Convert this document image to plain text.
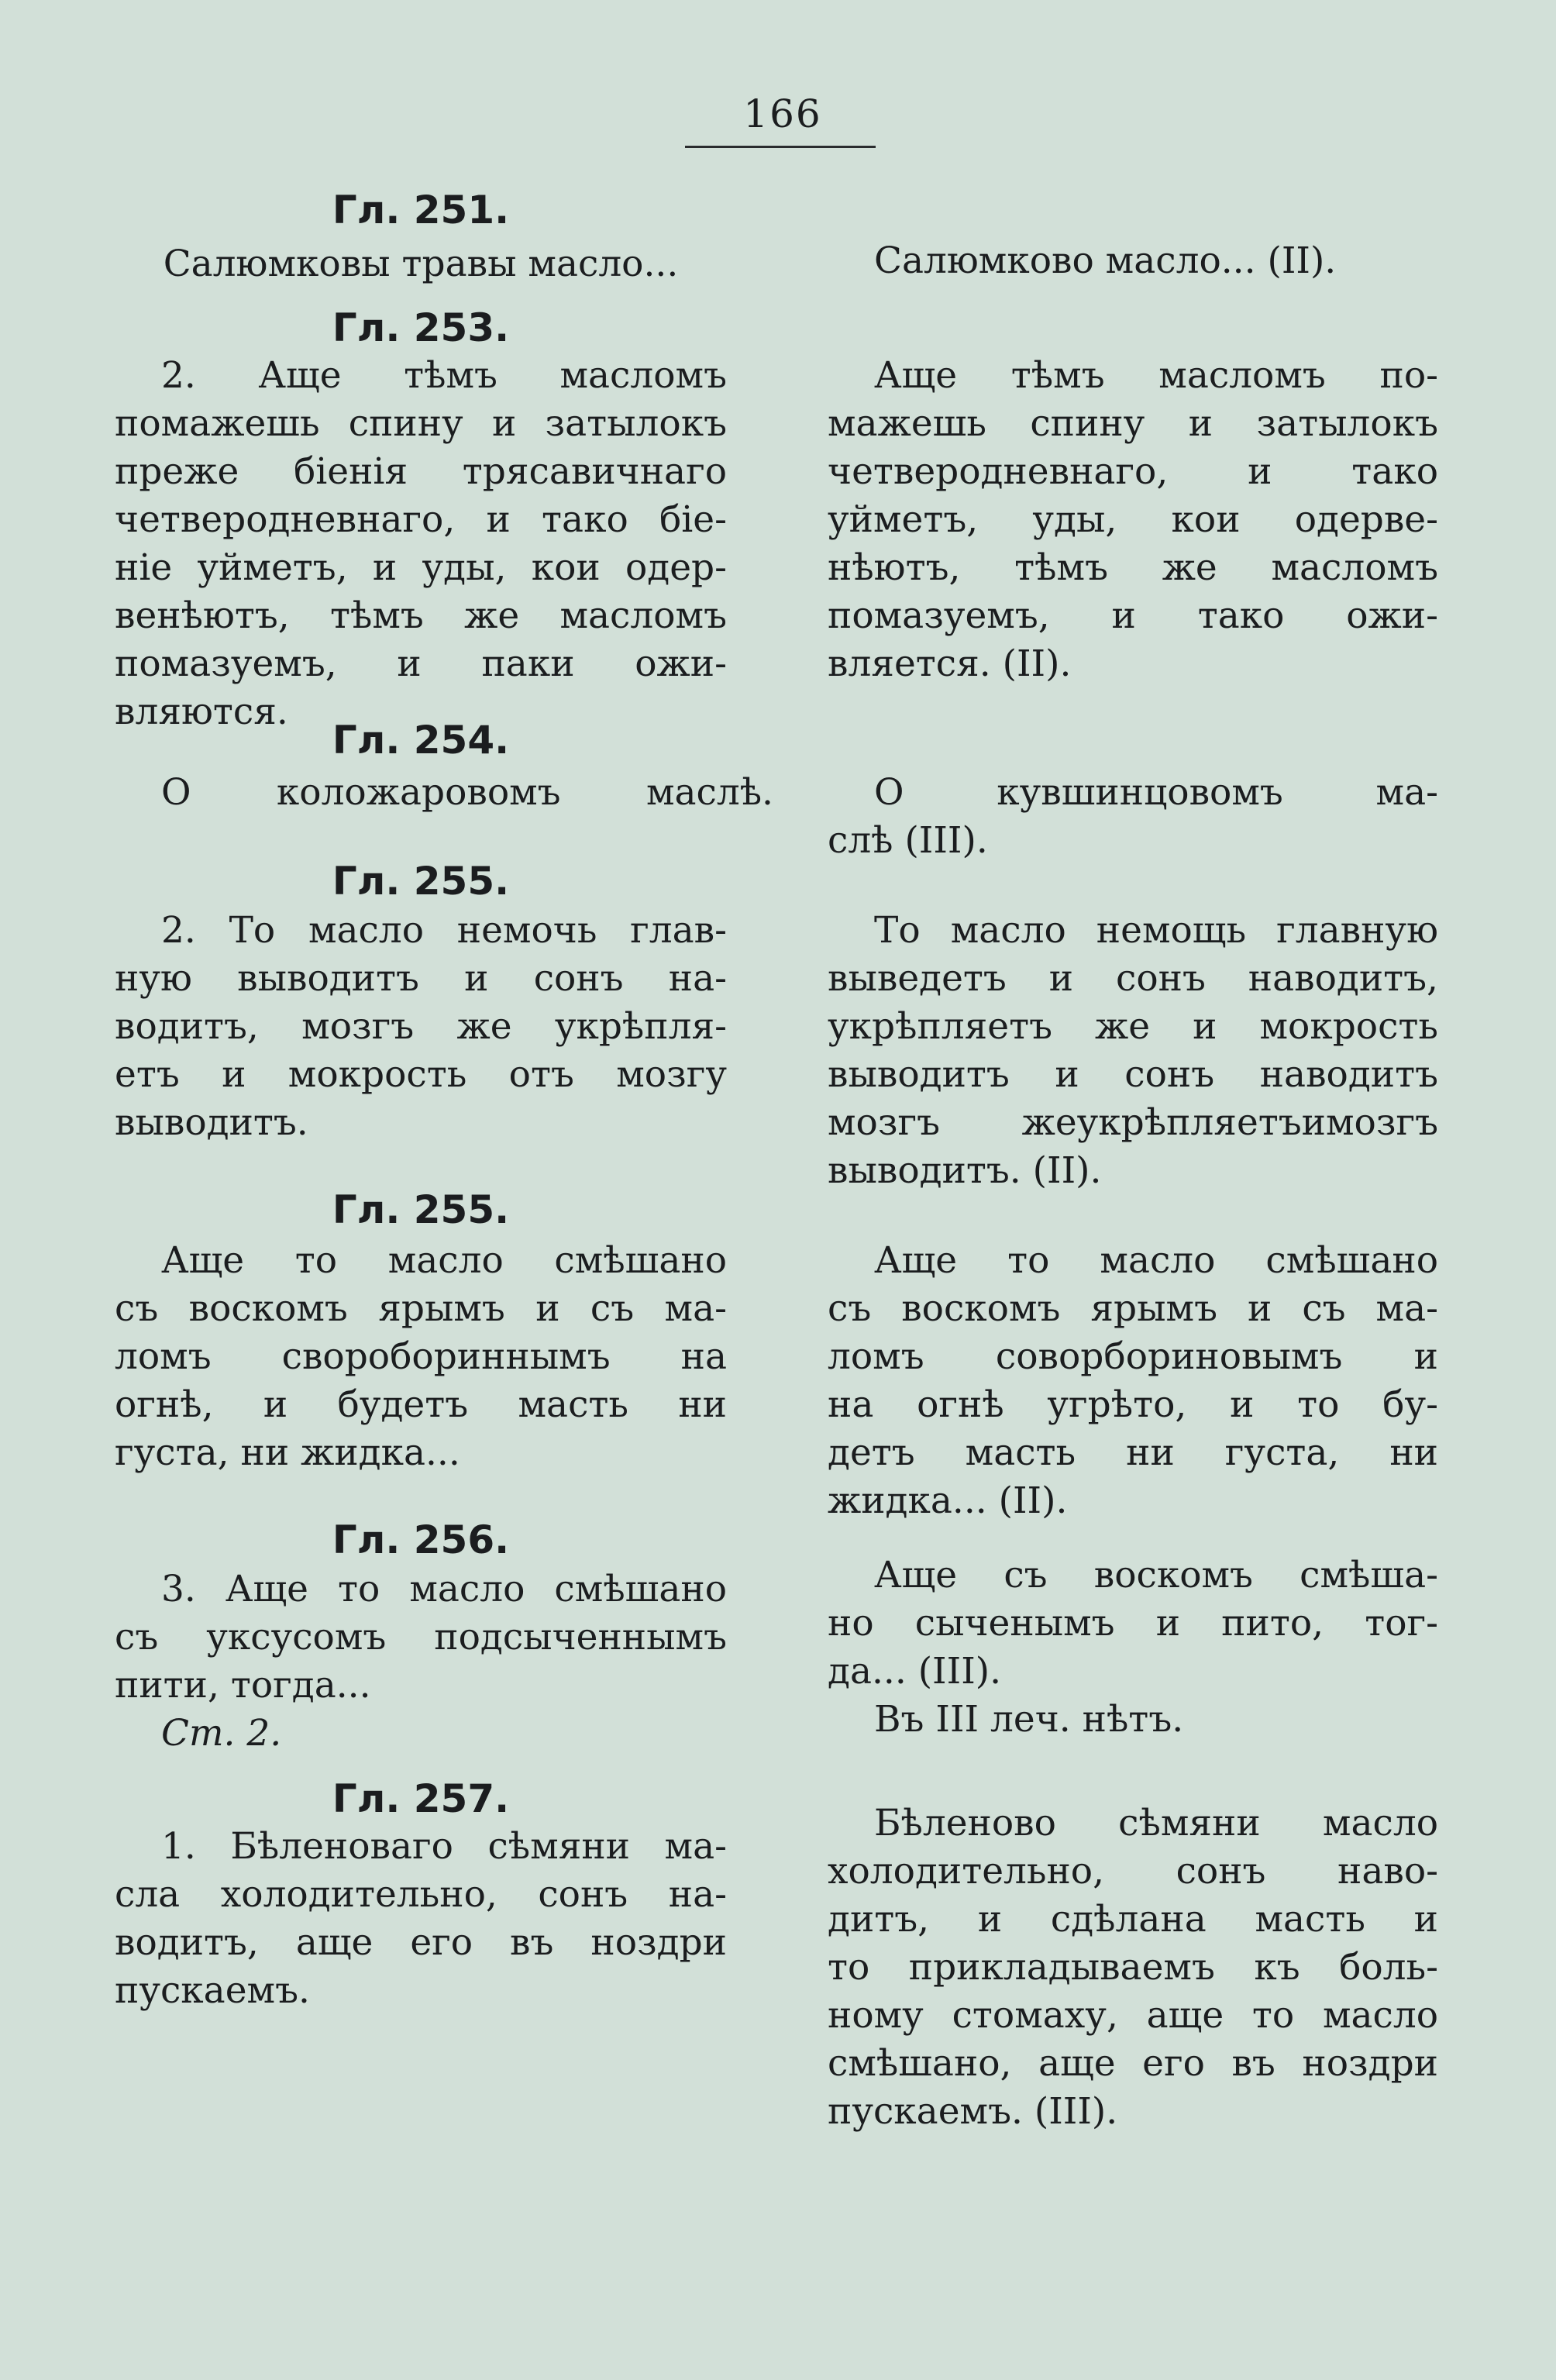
166
Гл. 251.
Салюмковы травы масло...
Гл. 253.
2. Аще тѣмъ масломъ
помажешь спину и затылокъ
преже біенія трясавичнаго
четверодневнаго, и тако біе-
ніе уйметъ, и уды, кои одер-
венѣютъ, тѣмъ же масломъ
помазуемъ, и паки ожи-
вляются.
Гл. 254.
О коложаровомъ маслѣ.
Гл. 255.
2. То масло немочь глав-
ную выводитъ и сонъ на-
водитъ, мозгъ же укрѣпля-
етъ и мокрость отъ мозгу
выводитъ.
Гл. 255.
Аще то масло смѣшано
съ воскомъ ярымъ и съ ма-
ломъ своробориннымъ на
огнѣ, и будетъ масть ни
густа, ни жидка...
Гл. 256.
3. Аще то масло смѣшано
съ уксусомъ подсыченнымъ
пити, тогда...
Ст. 2.
Гл. 257.
1. Бѣленоваго сѣмяни ма-
сла холодительно, сонъ на-
водитъ, аще его въ ноздри
пускаемъ.
Салюмково масло... (II).
Аще тѣмъ масломъ по-
мажешь спину и затылокъ
четверодневнаго, и тако
уйметъ, уды, кои одерве-
нѣютъ, тѣмъ же масломъ
помазуемъ, и тако ожи-
вляется. (II).
О кувшинцовомъ ма-
слѣ (III).
То масло немощь главную
выведетъ и сонъ наводитъ,
укрѣпляетъ же и мокрость
выводитъ и сонъ наводитъ
мозгъ жеукрѣпляетъимозгъ
выводитъ. (II).
Аще то масло смѣшано
съ воскомъ ярымъ и съ ма-
ломъ соворбориновымъ и
на огнѣ угрѣто, и то бу-
детъ масть ни густа, ни
жидка... (II).
Аще съ воскомъ смѣша-
но сыченымъ и пито, тог-
да... (III).
Въ III леч. нѣтъ.
Бѣленово сѣмяни масло
холодительно, сонъ наво-
дитъ, и сдѣлана масть и
то прикладываемъ къ боль-
ному стомаху, аще то масло
смѣшано, аще его въ ноздри
пускаемъ. (III).
